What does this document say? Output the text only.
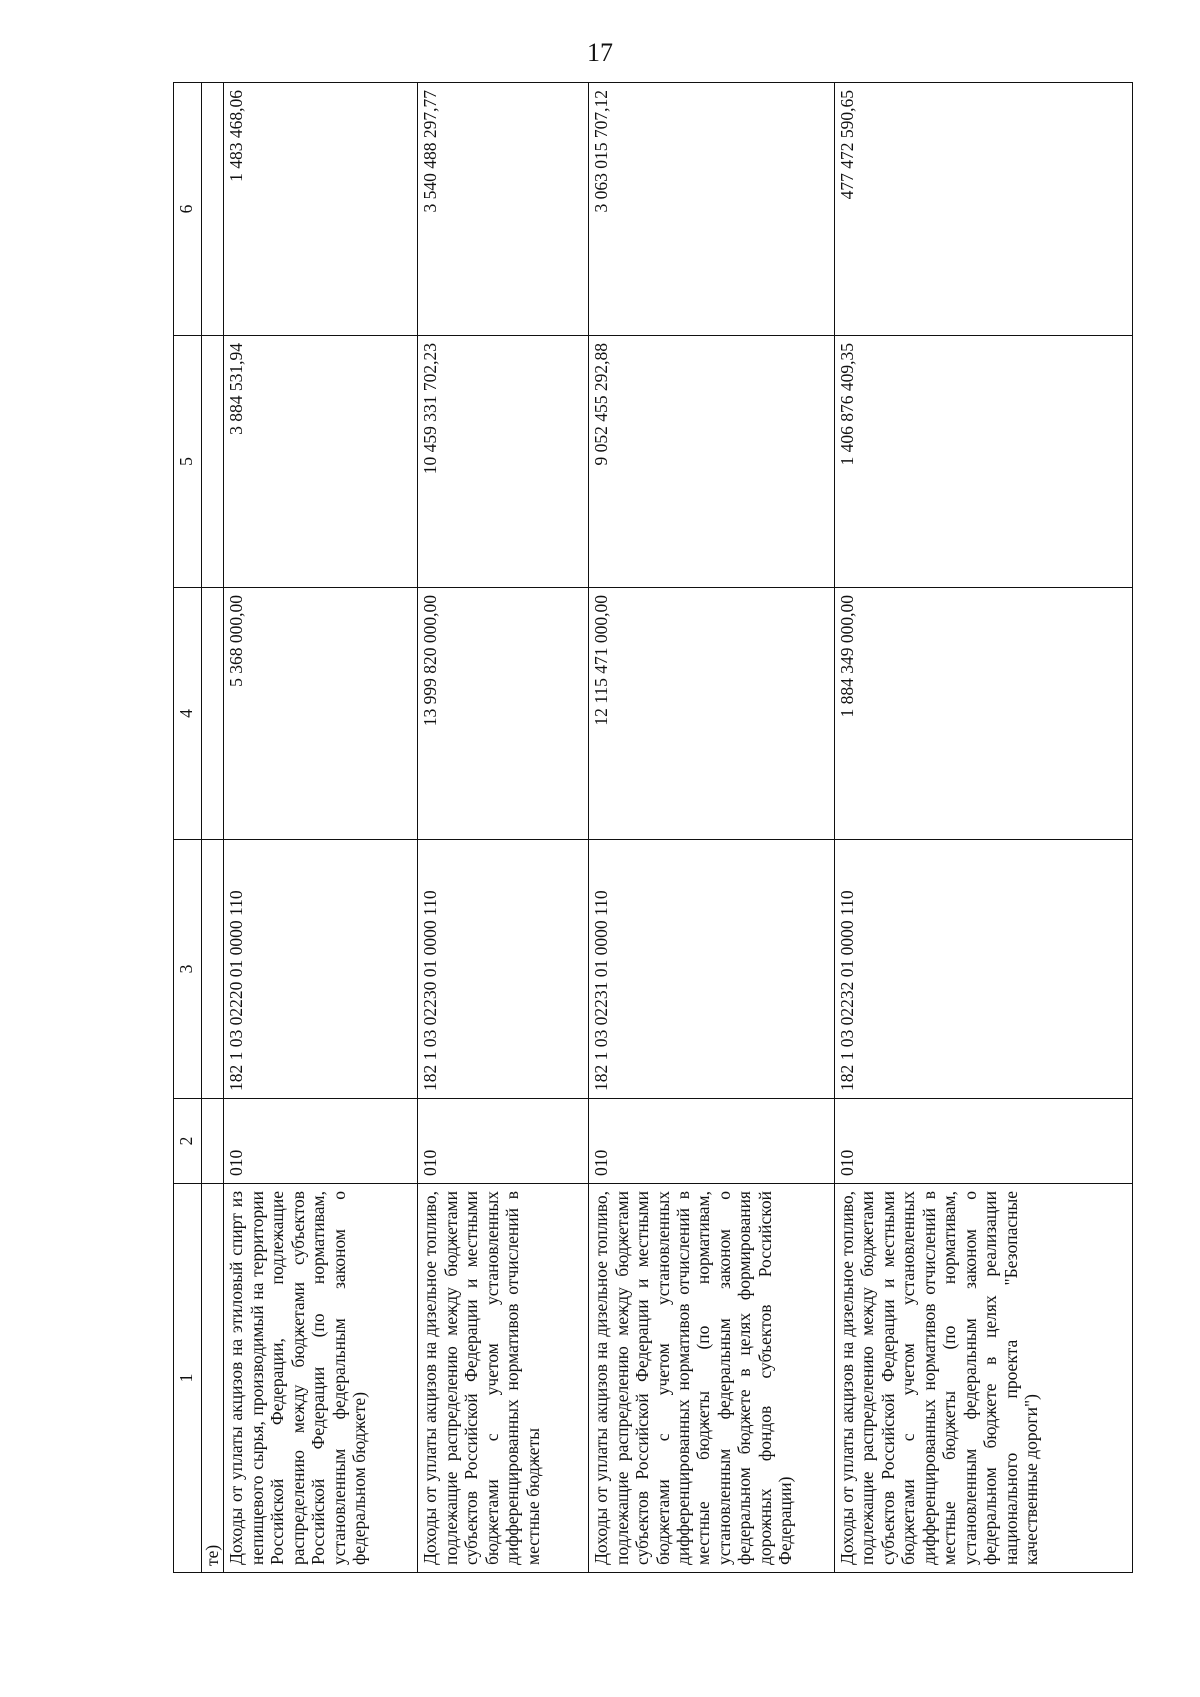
17
1	2	3	4	5	6
те)					
Доходы от уплаты акцизов на этиловый спирт из непищевого сырья, производимый на территории Российской Федерации, подлежащие распределению между бюджетами субъектов Российской Федерации (по нормативам, установленным федеральным законом о федеральном бюджете)	010	182 1 03 02220 01 0000 110	5 368 000,00	3 884 531,94	1 483 468,06
Доходы от уплаты акцизов на дизельное топливо, подлежащие распределению между бюджетами субъектов Российской Федерации и местными бюджетами с учетом установленных дифференцированных нормативов отчислений в местные бюджеты	010	182 1 03 02230 01 0000 110	13 999 820 000,00	10 459 331 702,23	3 540 488 297,77
Доходы от уплаты акцизов на дизельное топливо, подлежащие распределению между бюджетами субъектов Российской Федерации и местными бюджетами с учетом установленных дифференцированных нормативов отчислений в местные бюджеты (по нормативам, установленным федеральным законом о федеральном бюджете в целях формирования дорожных фондов субъектов Российской Федерации)	010	182 1 03 02231 01 0000 110	12 115 471 000,00	9 052 455 292,88	3 063 015 707,12
Доходы от уплаты акцизов на дизельное топливо, подлежащие распределению между бюджетами субъектов Российской Федерации и местными бюджетами с учетом установленных дифференцированных нормативов отчислений в местные бюджеты (по нормативам, установленным федеральным законом о федеральном бюджете в целях реализации национального проекта "Безопасные качественные дороги")	010	182 1 03 02232 01 0000 110	1 884 349 000,00	1 406 876 409,35	477 472 590,65
